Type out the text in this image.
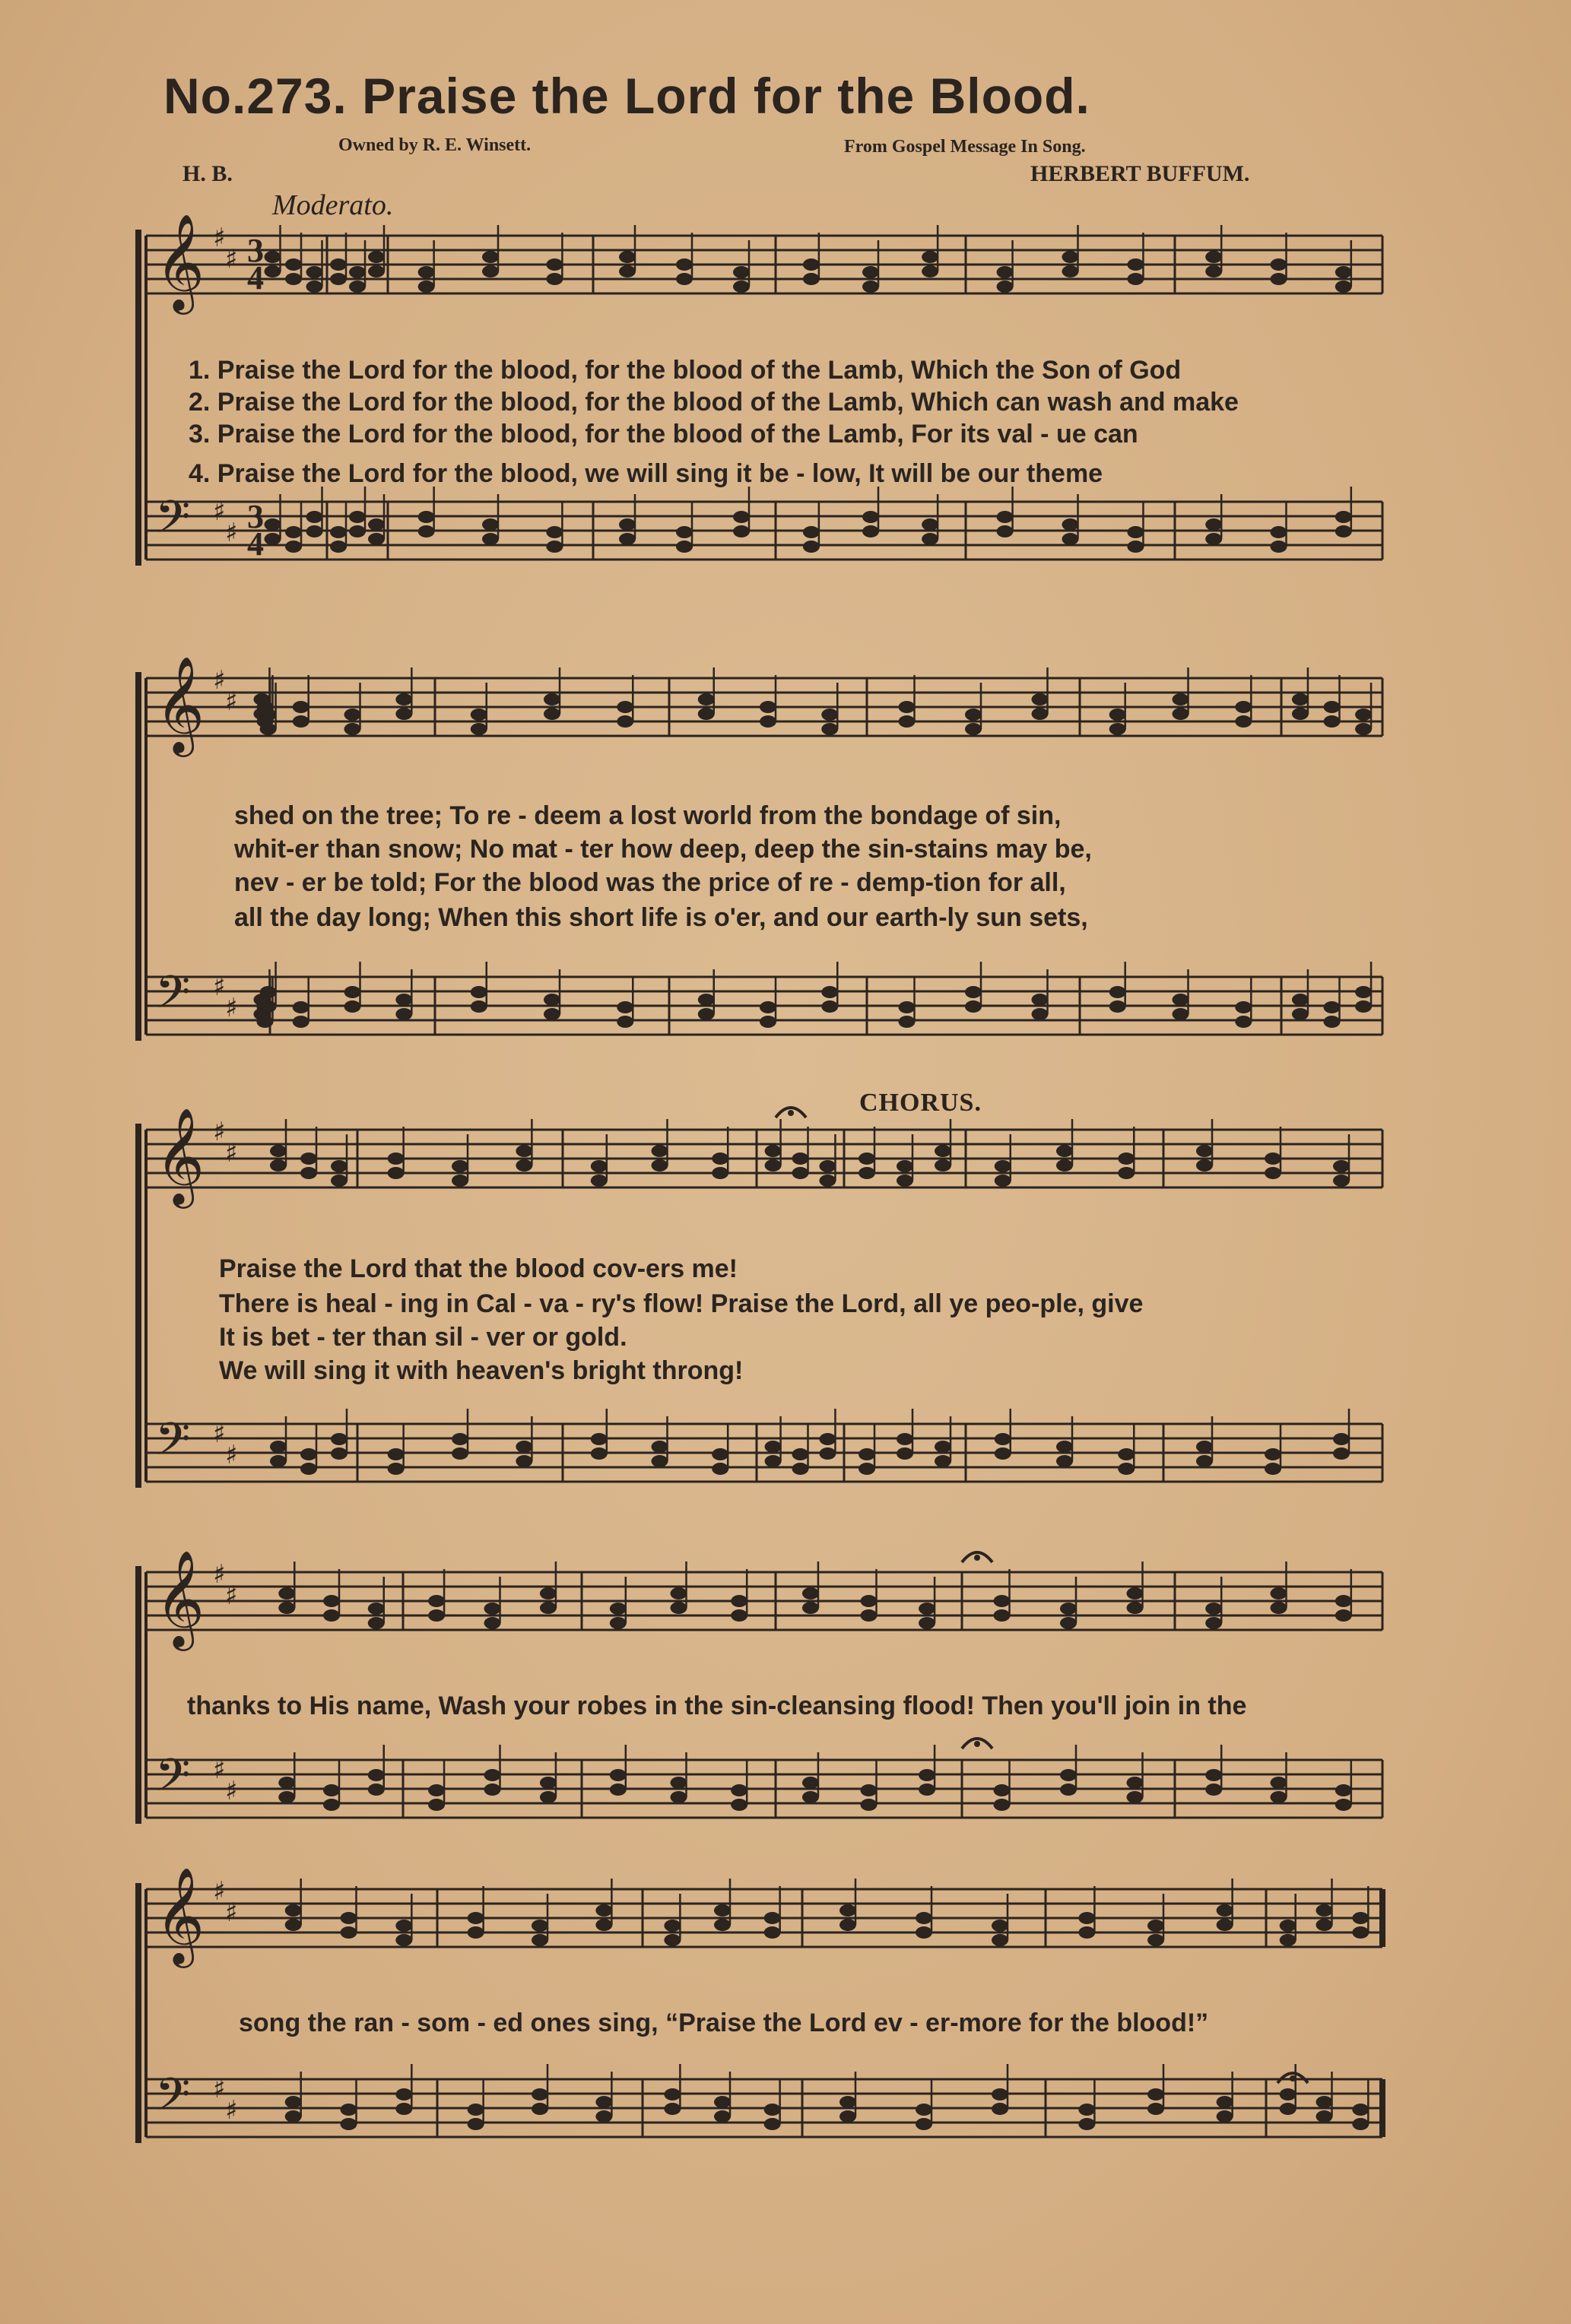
𝄞 ♯
♯
𝄢 ♯
♯
𝄞 ♯
♯
𝄢 ♯
♯
𝄞 ♯
♯
𝄢 ♯
♯
𝄞 ♯
♯
𝄢 ♯
♯
𝄞 ♯
♯
𝄢 ♯
♯
3
4
3
4
No.273. Praise the Lord for the Blood.
Owned by R. E. Winsett.	From Gospel Message In Song.
H. B.	HERBERT BUFFUM.
Moderato.
CHORUS.
1. Praise the Lord for the blood, for the blood of the Lamb, Which the Son of God
2. Praise the Lord for the blood, for the blood of the Lamb, Which can wash and make
3. Praise the Lord for the blood, for the blood of the Lamb, For its val - ue can
4. Praise the Lord for the blood, we will sing it be - low, It will be our theme
shed on the tree; To re - deem a lost world from the bondage of sin,
whit-er than snow; No mat - ter how deep, deep the sin-stains may be,
nev - er be told; For the blood was the price of re - demp-tion for all,
all the day long; When this short life is o'er, and our earth-ly sun sets,
Praise the Lord that the blood cov-ers me!
There is heal - ing in Cal - va - ry's flow! Praise the Lord, all ye peo-ple, give
It is bet - ter than sil - ver or gold.
We will sing it with heaven's bright throng!
thanks to His name, Wash your robes in the sin-cleansing flood! Then you'll join in the
song the ran - som - ed ones sing, “Praise the Lord ev - er-more for the blood!”
